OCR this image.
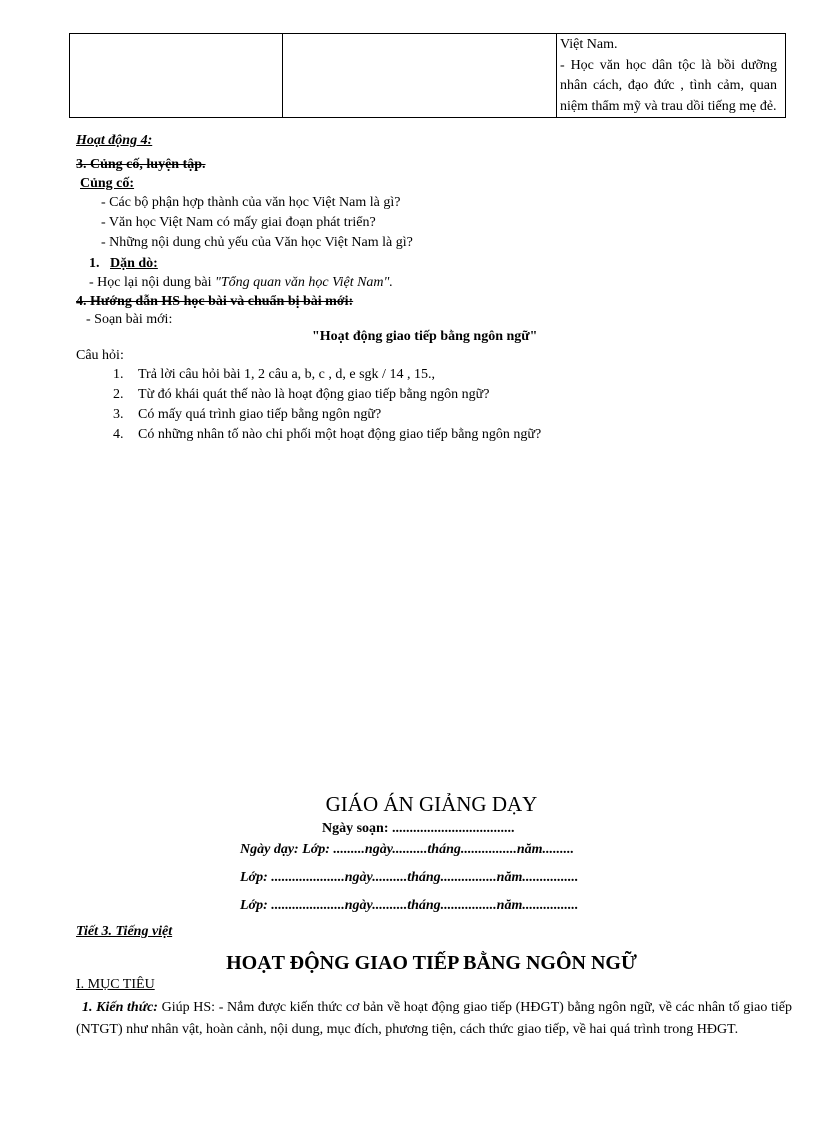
Việt Nam.
- Học văn học dân tộc là bồi dưỡng nhân cách, đạo đức , tình cảm, quan niệm thẩm mỹ và trau dồi tiếng mẹ đẻ.
Hoạt động 4:
3. Củng cố, luyện tập.
Củng cố:
- Các bộ phận hợp thành của văn học Việt Nam là gì?
- Văn học Việt Nam có mấy giai đoạn phát triển?
- Những nội dung chủ yếu của Văn học Việt Nam là gì?
1. Dặn dò:
- Học lại nội dung bài "Tổng quan văn học Việt Nam".
4. Hướng dẫn HS học bài và chuẩn bị bài mới:
- Soạn bài mới:
"Hoạt động giao tiếp bằng ngôn ngữ"
Câu hỏi:
1. Trả lời câu hỏi bài 1, 2 câu a, b, c , d, e sgk / 14 , 15.,
2. Từ đó khái quát thế nào là hoạt động giao tiếp bằng ngôn ngữ?
3. Có mấy quá trình giao tiếp bằng ngôn ngữ?
4. Có những nhân tố nào chi phối một hoạt động giao tiếp bằng ngôn ngữ?
GIÁO ÁN GIẢNG DẠY
Ngày soạn: ...................................
Ngày dạy: Lớp: .........ngày..........tháng................năm.........
Lớp: .....................ngày..........tháng................năm................
Lớp: .....................ngày..........tháng................năm................
Tiết 3. Tiếng việt
HOẠT ĐỘNG GIAO TIẾP BẰNG NGÔN NGỮ
I. MỤC TIÊU
1. Kiến thức: Giúp HS: - Nắm được kiến thức cơ bản về hoạt động giao tiếp (HĐGT) bằng ngôn ngữ, về các nhân tố giao tiếp (NTGT) như nhân vật, hoàn cảnh, nội dung, mục đích, phương tiện, cách thức giao tiếp, về hai quá trình trong HĐGT.
